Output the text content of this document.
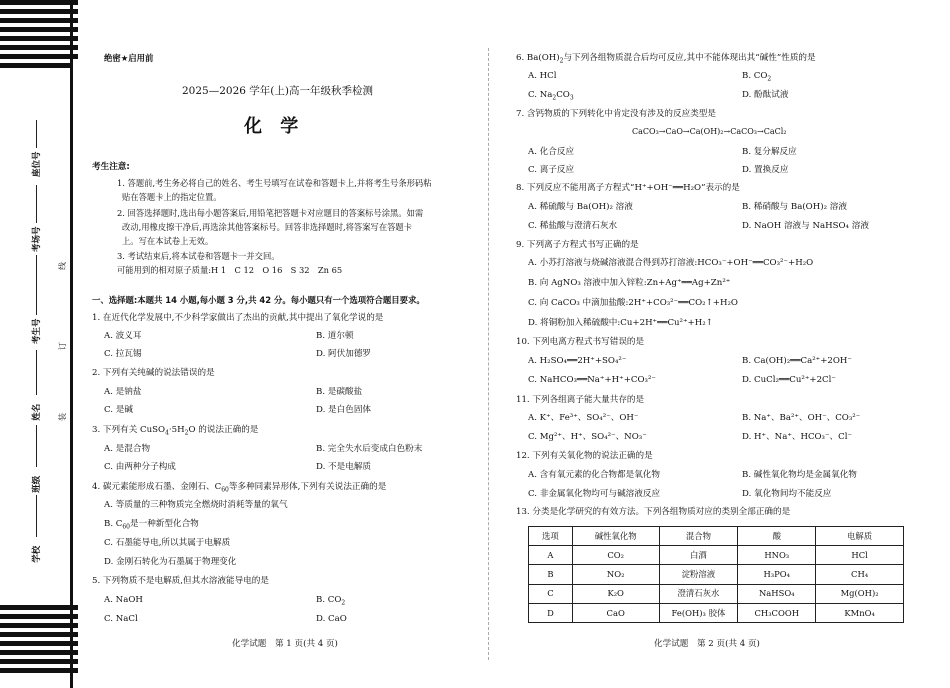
座位号
考场号
考生号
姓名
班级
学校
线
订
装
绝密★启用前
2025—2026 学年(上)高一年级秋季检测
化 学
考生注意:
1. 答题前,考生务必将自己的姓名、考生号填写在试卷和答题卡上,并将考生号条形码粘
贴在答题卡上的指定位置。
2. 回答选择题时,选出每小题答案后,用铅笔把答题卡对应题目的答案标号涂黑。如需
改动,用橡皮擦干净后,再选涂其他答案标号。回答非选择题时,将答案写在答题卡
上。写在本试卷上无效。
3. 考试结束后,将本试卷和答题卡一并交回。
可能用到的相对原子质量:H 1　C 12　O 16　S 32　Zn 65
一、选择题:本题共 14 小题,每小题 3 分,共 42 分。每小题只有一个选项符合题目要求。
1. 在近代化学发展中,不少科学家做出了杰出的贡献,其中提出了氧化学说的是
A. 波义耳	B. 道尔顿
C. 拉瓦锡	D. 阿伏加德罗
2. 下列有关纯碱的说法错误的是
A. 是钠盐	B. 是碳酸盐
C. 是碱	D. 是白色固体
3. 下列有关 $CuSO_4\cdot 5H_2O$ 的说法正确的是
A. 是混合物	B. 完全失水后变成白色粉末
C. 由两种分子构成	D. 不是电解质
4. 碳元素能形成石墨、金刚石、$C_{60}$等多种同素异形体,下列有关说法正确的是
A. 等质量的三种物质完全燃烧时消耗等量的氧气
B. $C_{60}$是一种新型化合物
C. 石墨能导电,所以其属于电解质
D. 金刚石转化为石墨属于物理变化
5. 下列物质不是电解质,但其水溶液能导电的是
A. NaOH	B. $CO_2$
C. NaCl	D. CaO
化学试题　第 1 页(共 4 页)
6. $Ba(OH)_2$与下列各组物质混合后均可反应,其中不能体现出其“碱性”性质的是
A. HCl	B. $CO_2$
C. $Na_2CO_3$	D. 酚酞试液
7. 含钙物质的下列转化中肯定没有涉及的反应类型是
CaCO₃→CaO→Ca(OH)₂→CaCO₃→CaCl₂
A. 化合反应	B. 复分解反应
C. 离子反应	D. 置换反应
8. 下列反应不能用离子方程式“H⁺+OH⁻══H₂O”表示的是
A. 稀硫酸与 Ba(OH)₂ 溶液	B. 稀硝酸与 Ba(OH)₂ 溶液
C. 稀盐酸与澄清石灰水	D. NaOH 溶液与 NaHSO₄ 溶液
9. 下列离子方程式书写正确的是
A. 小苏打溶液与烧碱溶液混合得到苏打溶液:HCO₃⁻+OH⁻══CO₃²⁻+H₂O
B. 向 AgNO₃ 溶液中加入锌粒:Zn+Ag⁺══Ag+Zn²⁺
C. 向 CaCO₃ 中滴加盐酸:2H⁺+CO₃²⁻══CO₂↑+H₂O
D. 将铜粉加入稀硫酸中:Cu+2H⁺══Cu²⁺+H₂↑
10. 下列电离方程式书写错误的是
A. H₂SO₄══2H⁺+SO₄²⁻	B. Ca(OH)₂══Ca²⁺+2OH⁻
C. NaHCO₃══Na⁺+H⁺+CO₃²⁻	D. CuCl₂══Cu²⁺+2Cl⁻
11. 下列各组离子能大量共存的是
A. K⁺、Fe³⁺、SO₄²⁻、OH⁻	B. Na⁺、Ba²⁺、OH⁻、CO₃²⁻
C. Mg²⁺、H⁺、SO₄²⁻、NO₃⁻	D. H⁺、Na⁺、HCO₃⁻、Cl⁻
12. 下列有关氧化物的说法正确的是
A. 含有氧元素的化合物都是氧化物	B. 碱性氧化物均是金属氧化物
C. 非金属氧化物均可与碱溶液反应	D. 氧化物间均不能反应
13. 分类是化学研究的有效方法。下列各组物质对应的类别全部正确的是
选项	碱性氧化物	混合物	酸	电解质
A	CO₂	白酒	HNO₃	HCl
B	NO₂	淀粉溶液	H₃PO₄	CH₄
C	K₂O	澄清石灰水	NaHSO₄	Mg(OH)₂
D	CaO	Fe(OH)₃ 胶体	CH₃COOH	KMnO₄
化学试题　第 2 页(共 4 页)
